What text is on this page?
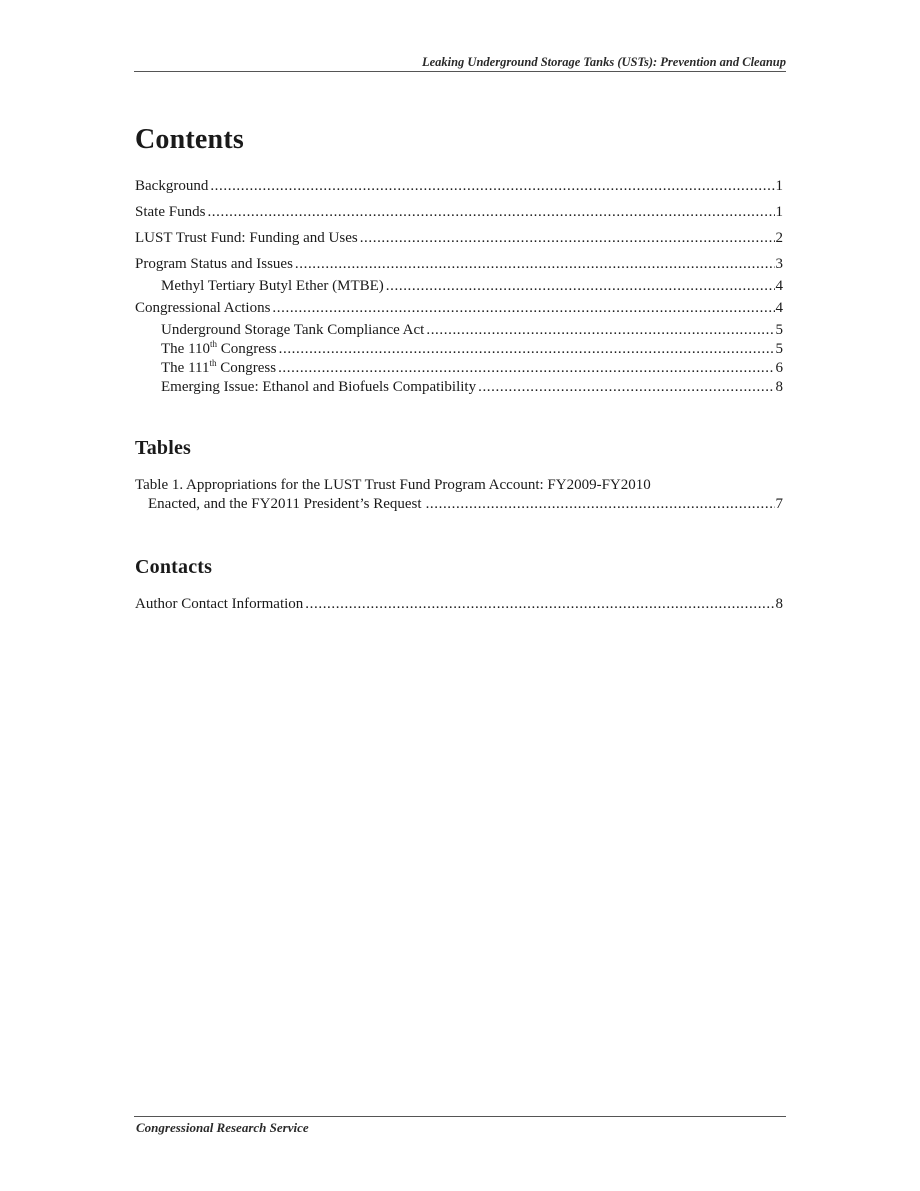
Leaking Underground Storage Tanks (USTs): Prevention and Cleanup
Contents
Background .....	1
State Funds .....	1
LUST Trust Fund: Funding and Uses .....	2
Program Status and Issues .....	3
Methyl Tertiary Butyl Ether (MTBE) .....	4
Congressional Actions .....	4
Underground Storage Tank Compliance Act .....	5
The 110th Congress .....	5
The 111th Congress .....	6
Emerging Issue: Ethanol and Biofuels Compatibility .....	8
Tables
Table 1. Appropriations for the LUST Trust Fund Program Account: FY2009-FY2010
Enacted, and the FY2011 President’s Request .....	7
Contacts
Author Contact Information .....	8
Congressional Research Service
